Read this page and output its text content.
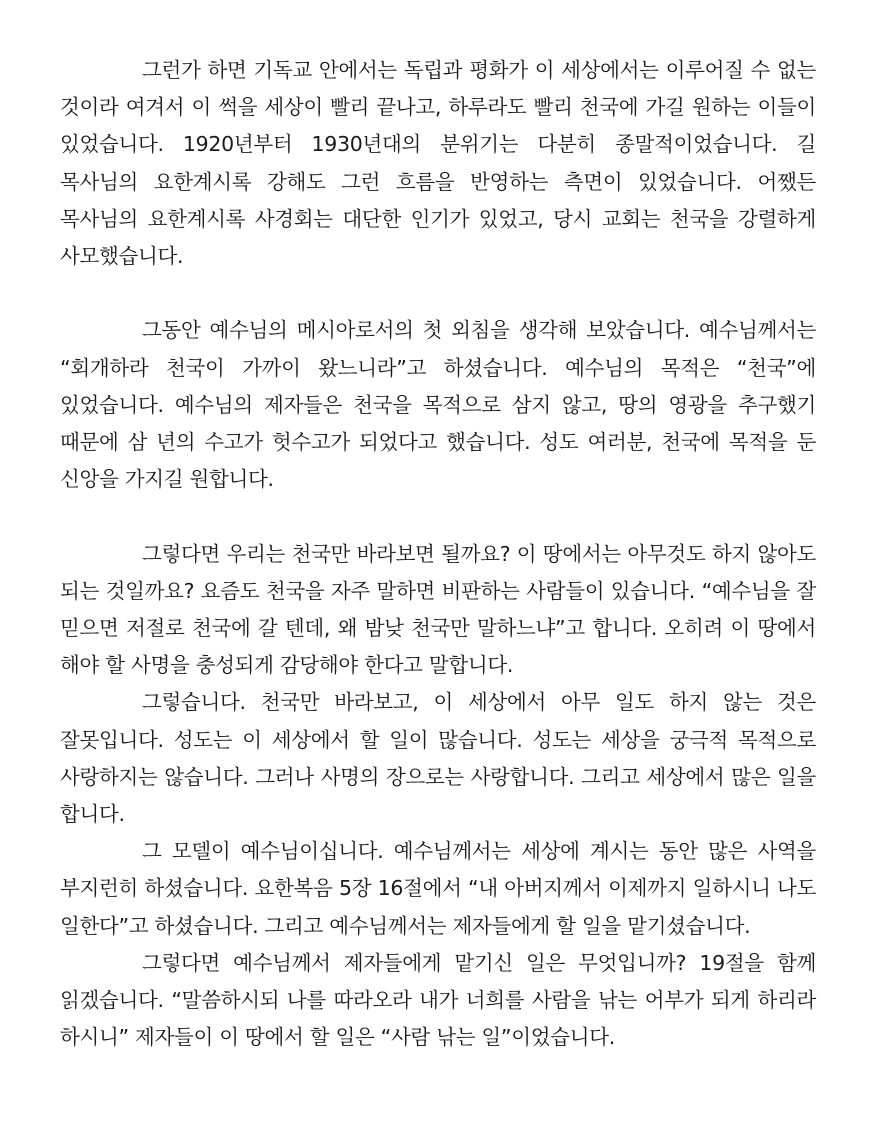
그런가 하면 기독교 안에서는 독립과 평화가 이 세상에서는 이루어질 수 없는 것이라 여겨서 이 썩을 세상이 빨리 끝나고, 하루라도 빨리 천국에 가길 원하는 이들이 있었습니다. 1920년부터 1930년대의 분위기는 다분히 종말적이었습니다. 길 목사님의 요한계시록 강해도 그런 흐름을 반영하는 측면이 있었습니다. 어쨌든 목사님의 요한계시록 사경회는 대단한 인기가 있었고, 당시 교회는 천국을 강렬하게 사모했습니다.

그동안 예수님의 메시아로서의 첫 외침을 생각해 보았습니다. 예수님께서는 “회개하라 천국이 가까이 왔느니라”고 하셨습니다. 예수님의 목적은 “천국”에 있었습니다. 예수님의 제자들은 천국을 목적으로 삼지 않고, 땅의 영광을 추구했기 때문에 삼 년의 수고가 헛수고가 되었다고 했습니다. 성도 여러분, 천국에 목적을 둔 신앙을 가지길 원합니다.

그렇다면 우리는 천국만 바라보면 될까요? 이 땅에서는 아무것도 하지 않아도 되는 것일까요? 요즘도 천국을 자주 말하면 비판하는 사람들이 있습니다. “예수님을 잘 믿으면 저절로 천국에 갈 텐데, 왜 밤낮 천국만 말하느냐”고 합니다. 오히려 이 땅에서 해야 할 사명을 충성되게 감당해야 한다고 말합니다.

그렇습니다. 천국만 바라보고, 이 세상에서 아무 일도 하지 않는 것은 잘못입니다. 성도는 이 세상에서 할 일이 많습니다. 성도는 세상을 궁극적 목적으로 사랑하지는 않습니다. 그러나 사명의 장으로는 사랑합니다. 그리고 세상에서 많은 일을 합니다.

그 모델이 예수님이십니다. 예수님께서는 세상에 계시는 동안 많은 사역을 부지런히 하셨습니다. 요한복음 5장 16절에서 “내 아버지께서 이제까지 일하시니 나도 일한다”고 하셨습니다. 그리고 예수님께서는 제자들에게 할 일을 맡기셨습니다.

그렇다면 예수님께서 제자들에게 맡기신 일은 무엇입니까? 19절을 함께 읽겠습니다. “말씀하시되 나를 따라오라 내가 너희를 사람을 낚는 어부가 되게 하리라 하시니” 제자들이 이 땅에서 할 일은 “사람 낚는 일”이었습니다.
